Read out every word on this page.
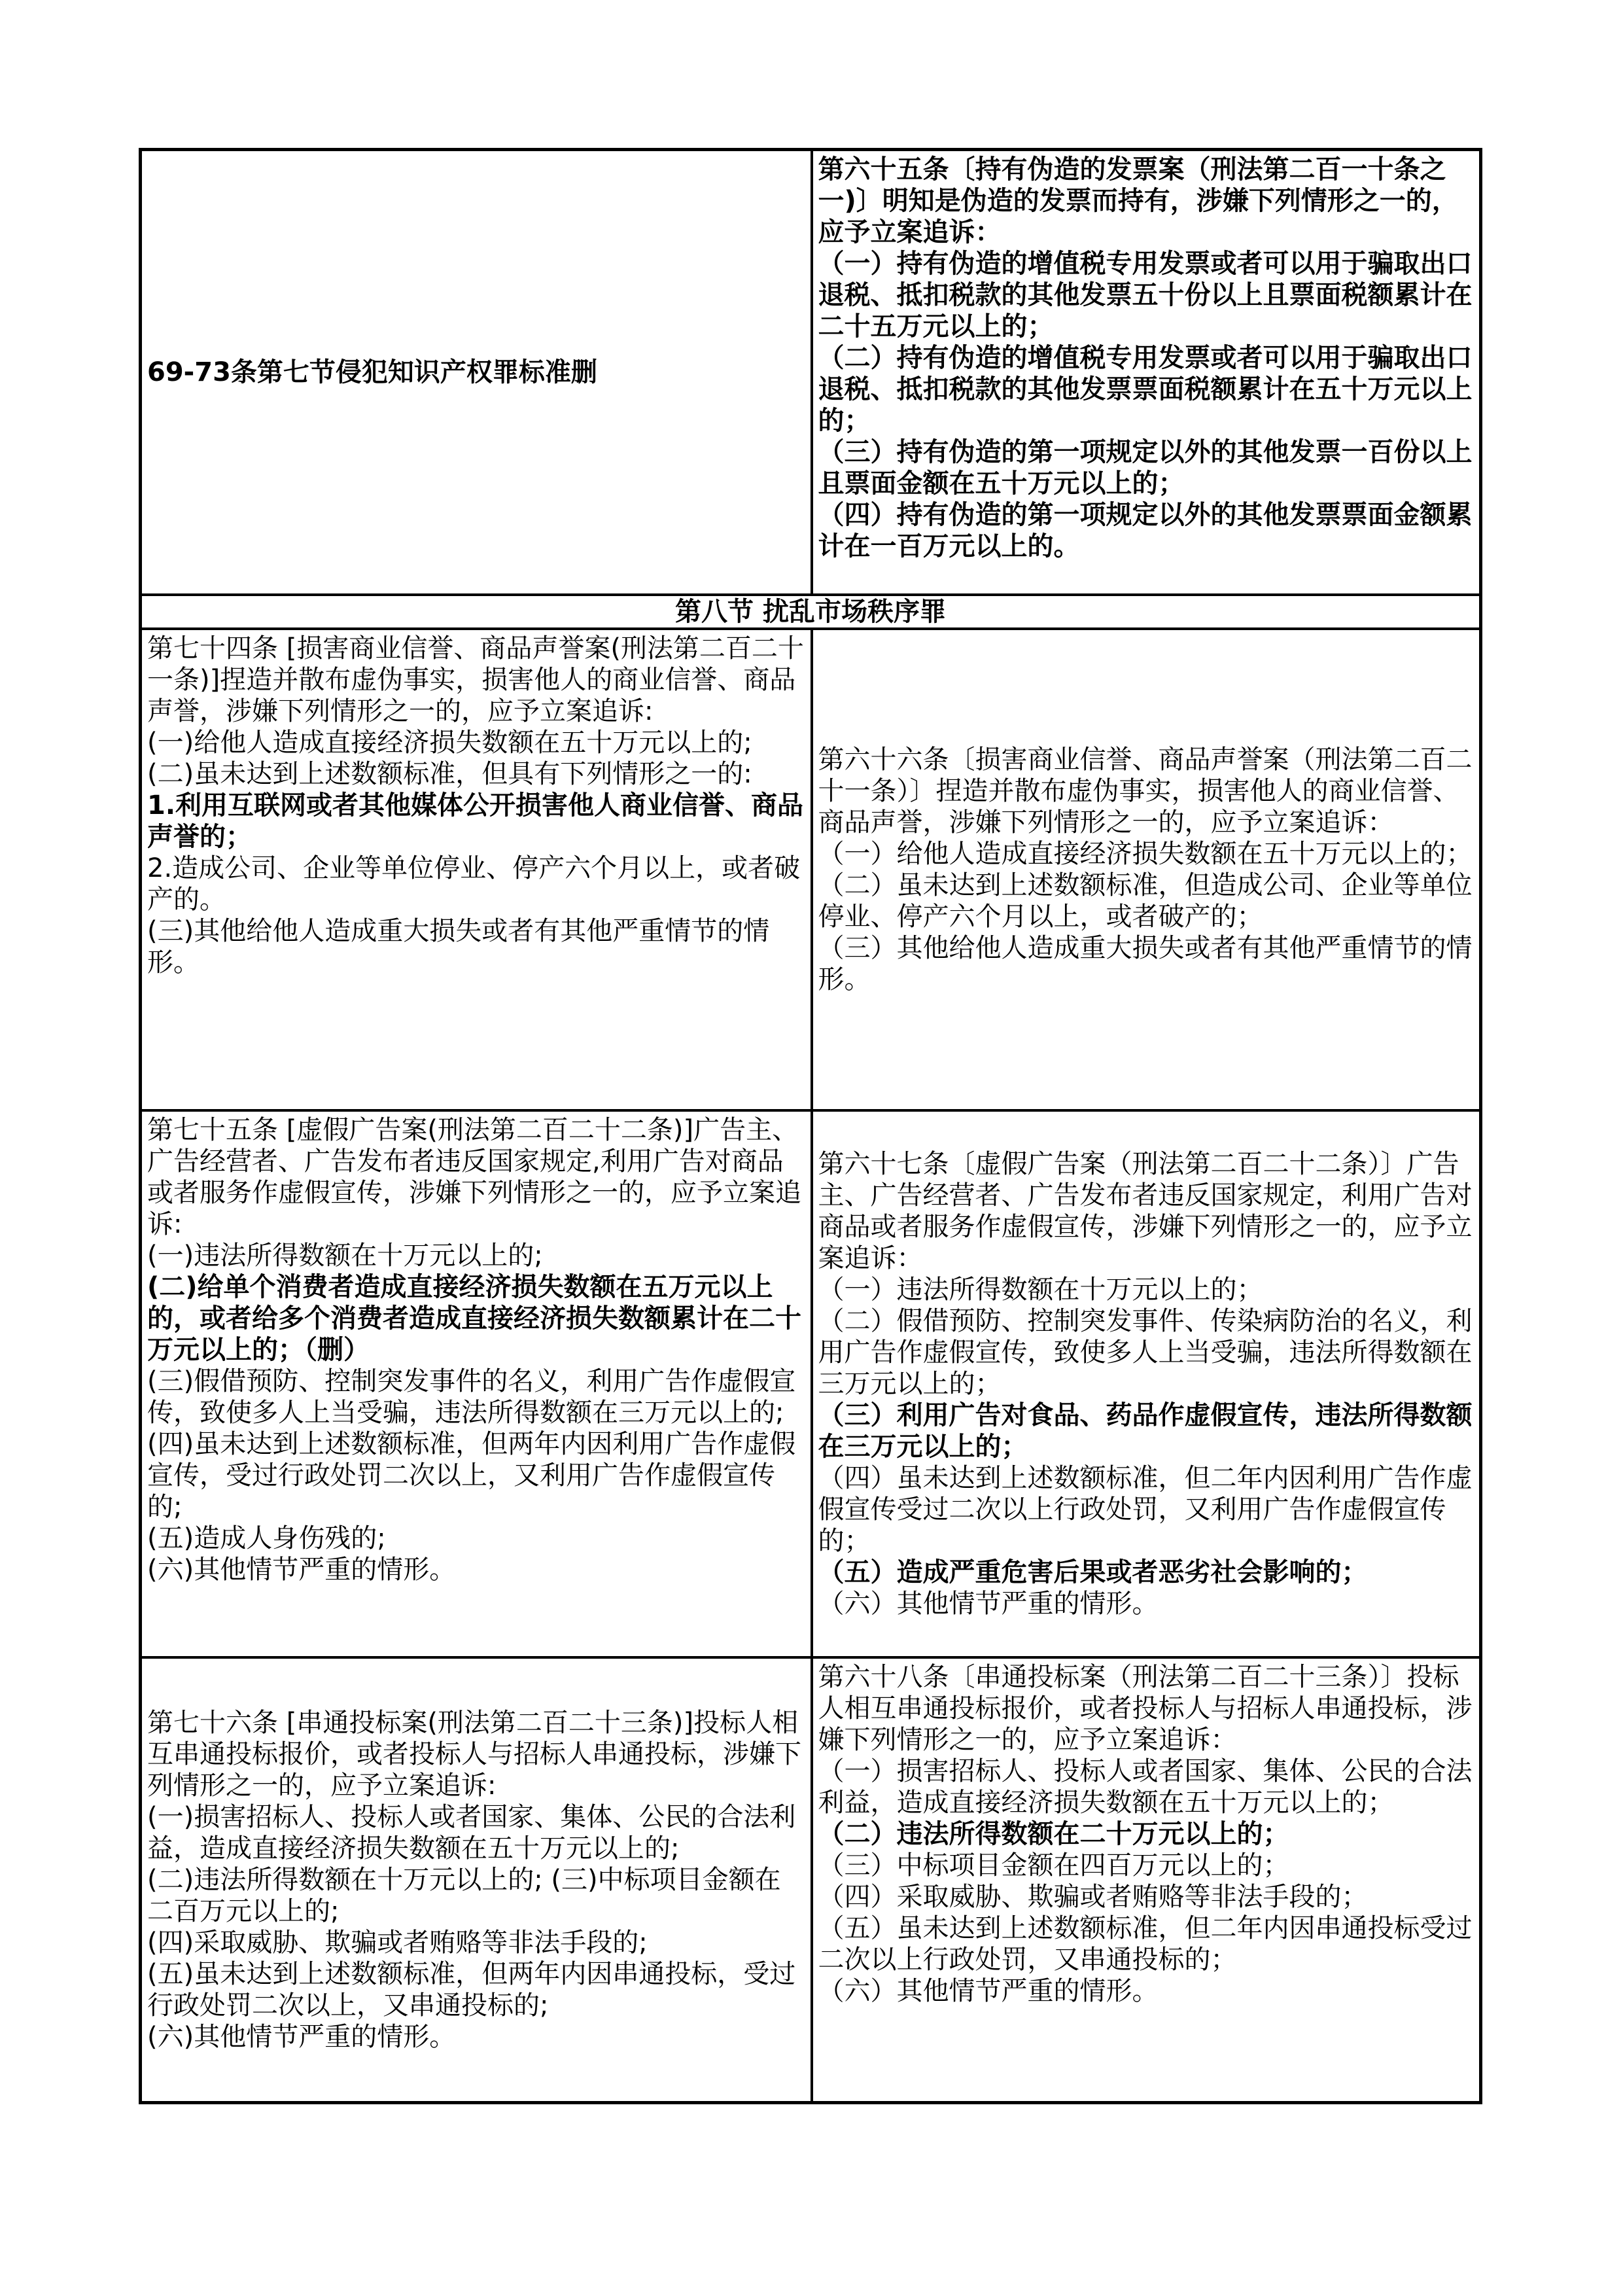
69-73条第七节侵犯知识产权罪标准删

第六十五条〔持有伪造的发票案（刑法第二百一十条之一)〕明知是伪造的发票而持有，涉嫌下列情形之一的，应予立案追诉：

（一）持有伪造的增值税专用发票或者可以用于骗取出口退税、抵扣税款的其他发票五十份以上且票面税额累计在二十五万元以上的；

（二）持有伪造的增值税专用发票或者可以用于骗取出口退税、抵扣税款的其他发票票面税额累计在五十万元以上的；

（三）持有伪造的第一项规定以外的其他发票一百份以上且票面金额在五十万元以上的；

（四）持有伪造的第一项规定以外的其他发票票面金额累计在一百万元以上的。

第八节 扰乱市场秩序罪

第七十四条 [损害商业信誉、商品声誉案(刑法第二百二十一条)]捏造并散布虚伪事实，损害他人的商业信誉、商品声誉，涉嫌下列情形之一的，应予立案追诉:

(一)给他人造成直接经济损失数额在五十万元以上的;

(二)虽未达到上述数额标准，但具有下列情形之一的:

1.利用互联网或者其他媒体公开损害他人商业信誉、商品声誉的；

2.造成公司、企业等单位停业、停产六个月以上，或者破产的。

(三)其他给他人造成重大损失或者有其他严重情节的情形。

第六十六条〔损害商业信誉、商品声誉案（刑法第二百二十一条）〕捏造并散布虚伪事实，损害他人的商业信誉、商品声誉，涉嫌下列情形之一的，应予立案追诉：

（一）给他人造成直接经济损失数额在五十万元以上的；

（二）虽未达到上述数额标准，但造成公司、企业等单位停业、停产六个月以上，或者破产的；

（三）其他给他人造成重大损失或者有其他严重情节的情形。

第七十五条 [虚假广告案(刑法第二百二十二条)]广告主、广告经营者、广告发布者违反国家规定,利用广告对商品或者服务作虚假宣传，涉嫌下列情形之一的，应予立案追诉:

(一)违法所得数额在十万元以上的;

(二)给单个消费者造成直接经济损失数额在五万元以上的，或者给多个消费者造成直接经济损失数额累计在二十万元以上的；（删）

(三)假借预防、控制突发事件的名义，利用广告作虚假宣传，致使多人上当受骗，违法所得数额在三万元以上的;

(四)虽未达到上述数额标准，但两年内因利用广告作虚假宣传，受过行政处罚二次以上，又利用广告作虚假宣传的;

(五)造成人身伤残的;

(六)其他情节严重的情形。

第六十七条〔虚假广告案（刑法第二百二十二条）〕广告主、广告经营者、广告发布者违反国家规定，利用广告对商品或者服务作虚假宣传，涉嫌下列情形之一的，应予立案追诉：

（一）违法所得数额在十万元以上的；

（二）假借预防、控制突发事件、传染病防治的名义，利用广告作虚假宣传，致使多人上当受骗，违法所得数额在三万元以上的；

（三）利用广告对食品、药品作虚假宣传，违法所得数额在三万元以上的；

（四）虽未达到上述数额标准，但二年内因利用广告作虚假宣传受过二次以上行政处罚，又利用广告作虚假宣传的；

（五）造成严重危害后果或者恶劣社会影响的；

（六）其他情节严重的情形。

第七十六条 [串通投标案(刑法第二百二十三条)]投标人相互串通投标报价，或者投标人与招标人串通投标，涉嫌下列情形之一的，应予立案追诉:

(一)损害招标人、投标人或者国家、集体、公民的合法利益，造成直接经济损失数额在五十万元以上的;

(二)违法所得数额在十万元以上的; (三)中标项目金额在二百万元以上的;

(四)采取威胁、欺骗或者贿赂等非法手段的;

(五)虽未达到上述数额标准，但两年内因串通投标，受过行政处罚二次以上，又串通投标的;

(六)其他情节严重的情形。

第六十八条〔串通投标案（刑法第二百二十三条）〕投标人相互串通投标报价，或者投标人与招标人串通投标，涉嫌下列情形之一的，应予立案追诉：

（一）损害招标人、投标人或者国家、集体、公民的合法利益，造成直接经济损失数额在五十万元以上的；

（二）违法所得数额在二十万元以上的；

（三）中标项目金额在四百万元以上的；

（四）采取威胁、欺骗或者贿赂等非法手段的；

（五）虽未达到上述数额标准，但二年内因串通投标受过二次以上行政处罚，又串通投标的；

（六）其他情节严重的情形。
